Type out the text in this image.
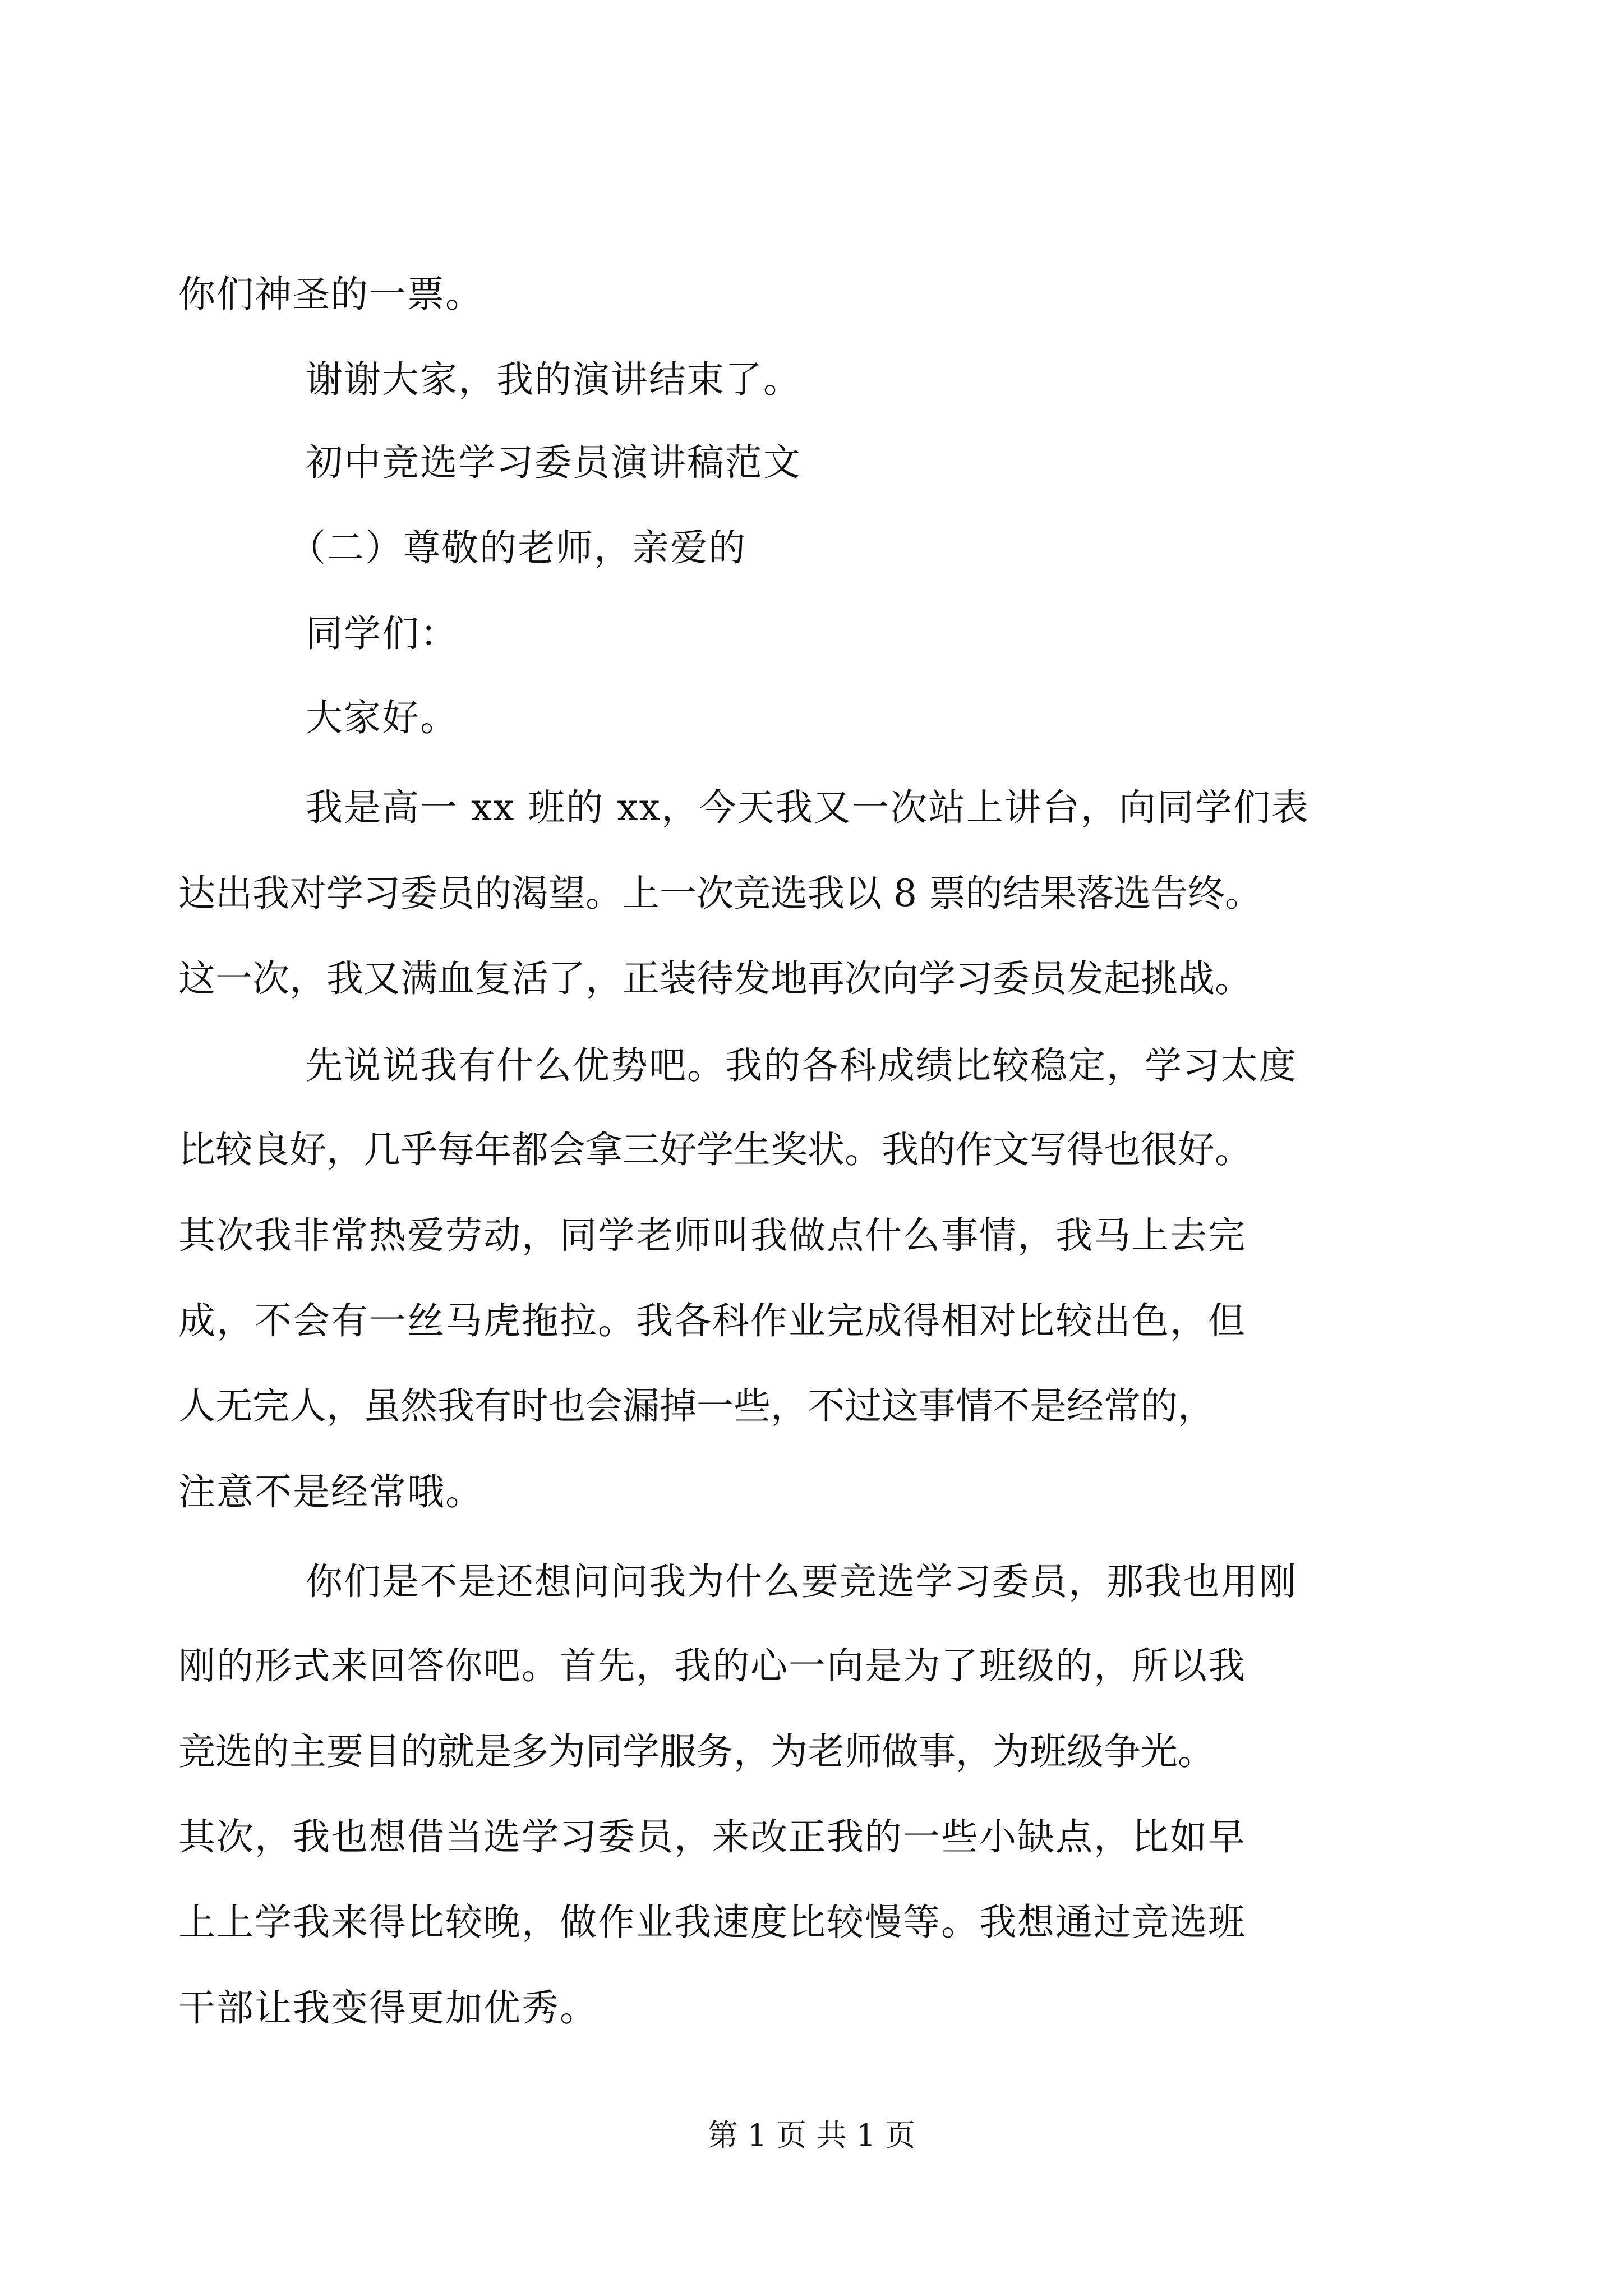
你们神圣的一票。
谢谢大家，我的演讲结束了。
初中竞选学习委员演讲稿范文
（二）尊敬的老师，亲爱的
同学们：
大家好。
我是高一 xx 班的 xx，今天我又一次站上讲台，向同学们表
达出我对学习委员的渴望。上一次竞选我以 8 票的结果落选告终。
这一次，我又满血复活了，正装待发地再次向学习委员发起挑战。
先说说我有什么优势吧。我的各科成绩比较稳定，学习太度
比较良好，几乎每年都会拿三好学生奖状。我的作文写得也很好。
其次我非常热爱劳动，同学老师叫我做点什么事情，我马上去完
成，不会有一丝马虎拖拉。我各科作业完成得相对比较出色，但
人无完人，虽然我有时也会漏掉一些，不过这事情不是经常的，
注意不是经常哦。
你们是不是还想问问我为什么要竞选学习委员，那我也用刚
刚的形式来回答你吧。首先，我的心一向是为了班级的，所以我
竞选的主要目的就是多为同学服务，为老师做事，为班级争光。
其次，我也想借当选学习委员，来改正我的一些小缺点，比如早
上上学我来得比较晚，做作业我速度比较慢等。我想通过竞选班
干部让我变得更加优秀。
第 1 页 共 1 页
